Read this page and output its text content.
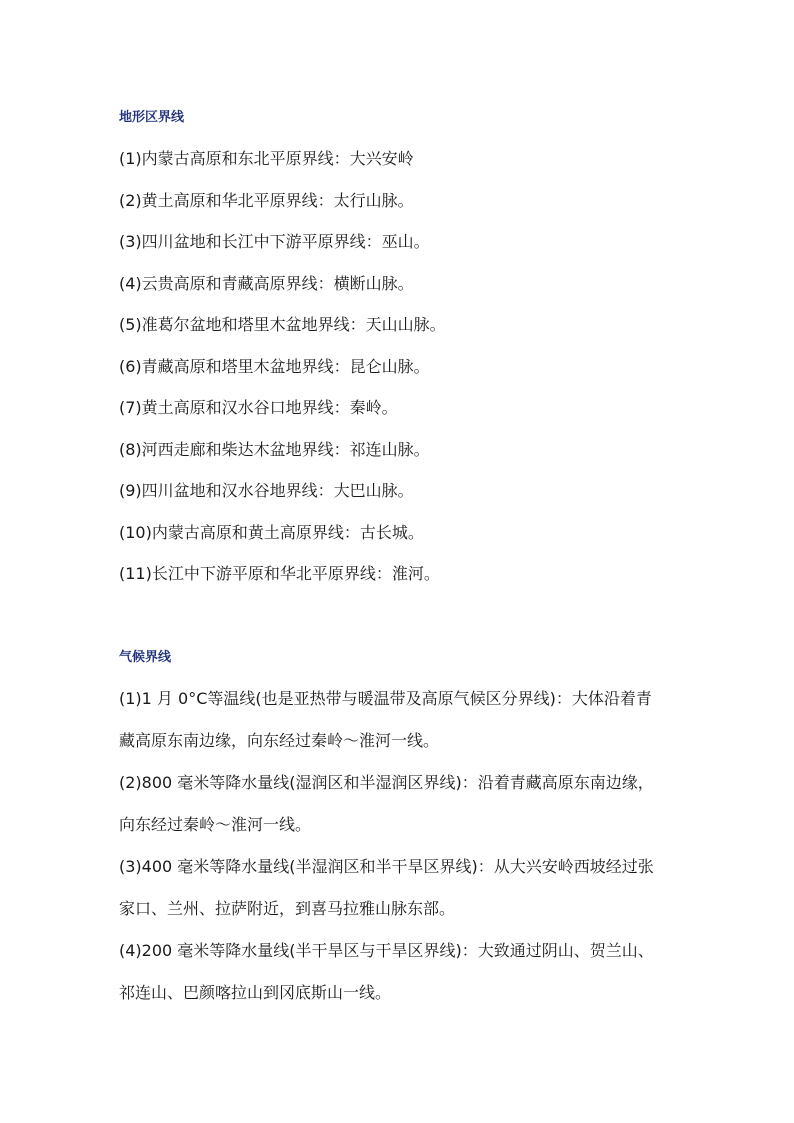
地形区界线
(1)内蒙古高原和东北平原界线：大兴安岭
(2)黄土高原和华北平原界线：太行山脉。
(3)四川盆地和长江中下游平原界线：巫山。
(4)云贵高原和青藏高原界线：横断山脉。
(5)准葛尔盆地和塔里木盆地界线：天山山脉。
(6)青藏高原和塔里木盆地界线：昆仑山脉。
(7)黄土高原和汉水谷口地界线：秦岭。
(8)河西走廊和柴达木盆地界线：祁连山脉。
(9)四川盆地和汉水谷地界线：大巴山脉。
(10)内蒙古高原和黄土高原界线：古长城。
(11)长江中下游平原和华北平原界线：淮河。
气候界线
(1)1 月 0°C等温线(也是亚热带与暖温带及高原气候区分界线)：大体沿着青
藏高原东南边缘，向东经过秦岭～淮河一线。
(2)800 毫米等降水量线(湿润区和半湿润区界线)：沿着青藏高原东南边缘，
向东经过秦岭～淮河一线。
(3)400 毫米等降水量线(半湿润区和半干旱区界线)：从大兴安岭西坡经过张
家口、兰州、拉萨附近，到喜马拉雅山脉东部。
(4)200 毫米等降水量线(半干旱区与干旱区界线)：大致通过阴山、贺兰山、
祁连山、巴颜喀拉山到冈底斯山一线。
